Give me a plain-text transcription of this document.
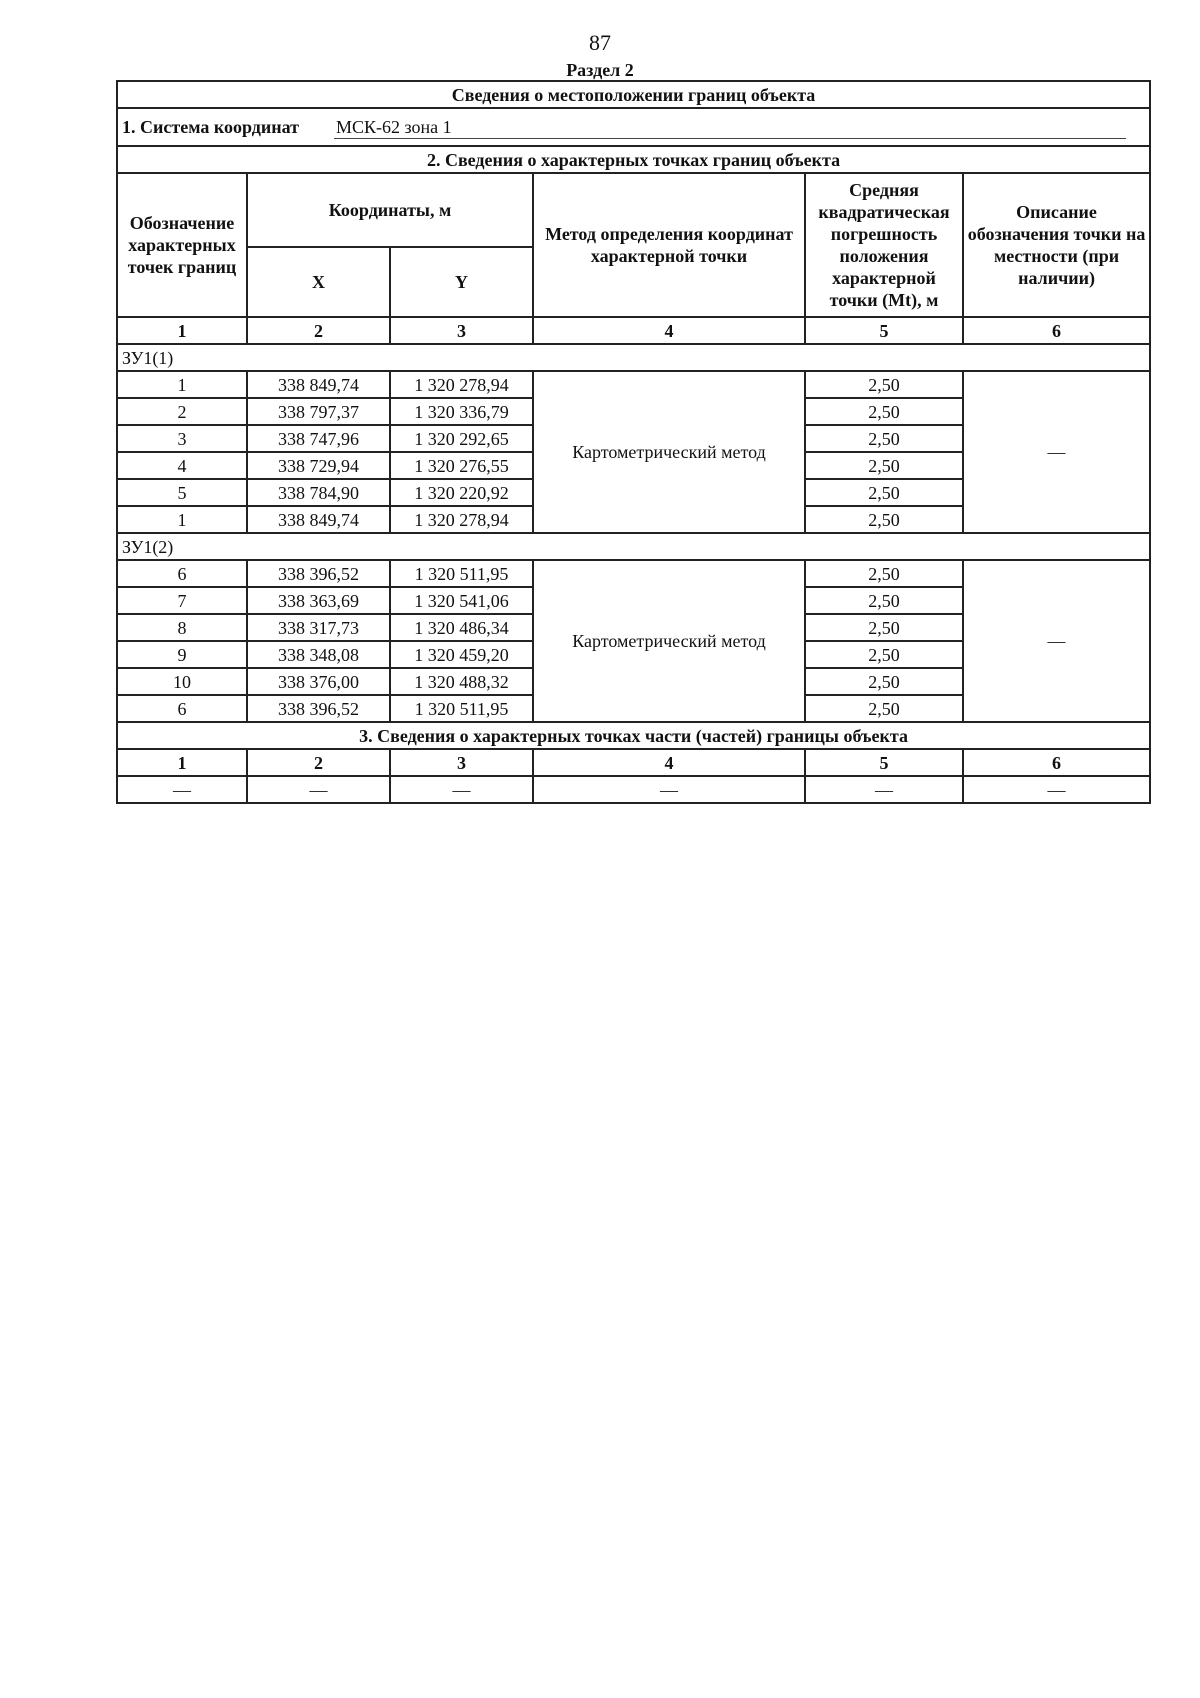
87
Раздел 2
Сведения о местоположении границ объекта					

1. Система координат МСК-62 зона 1					

2. Сведения о характерных точках границ объекта					
Обозначение характерных точек границ	Координаты, м		Метод определения координат характерной точки	Средняя квадратическая погрешность положения характерной точки (Mt), м	Описание обозначения точки на местности (при наличии)
	X	Y			
1	2	3	4	5	6
ЗУ1(1)					
1	338 849,74	1 320 278,94	Картометрический метод	2,50	—
2	338 797,37	1 320 336,79		2,50	
3	338 747,96	1 320 292,65		2,50	
4	338 729,94	1 320 276,55		2,50	
5	338 784,90	1 320 220,92		2,50	
1	338 849,74	1 320 278,94		2,50	
ЗУ1(2)					
6	338 396,52	1 320 511,95	Картометрический метод	2,50	—
7	338 363,69	1 320 541,06		2,50	
8	338 317,73	1 320 486,34		2,50	
9	338 348,08	1 320 459,20		2,50	
10	338 376,00	1 320 488,32		2,50	
6	338 396,52	1 320 511,95		2,50	
3. Сведения о характерных точках части (частей) границы объекта					
1	2	3	4	5	6
—	—	—	—	—	—
